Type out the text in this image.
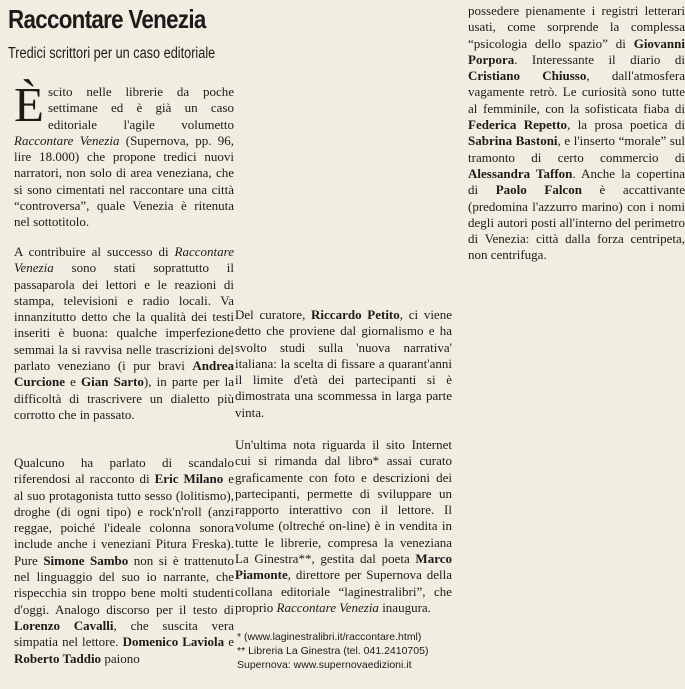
Raccontare Venezia
Tredici scrittori per un caso editoriale

Èscito nelle librerie da poche settimane ed è già un caso editoriale l'agile volumetto Raccontare Venezia (Supernova, pp. 96, lire 18.000) che propone tredici nuovi narratori, non solo di area veneziana, che si sono cimentati nel raccontare una città “controversa”, quale Venezia è ritenuta nel sottotitolo.

A contribuire al successo di Raccontare Venezia sono stati soprattutto il passaparola dei lettori e le reazioni di stampa, televisioni e radio locali. Va innanzitutto detto che la qualità dei testi inseriti è buona: qualche imperfezione semmai la si ravvisa nelle trascrizioni del parlato veneziano (i pur bravi Andrea Curcione e Gian Sarto), in parte per la difficoltà di trascrivere un dialetto più corrotto che in passato.

Qualcuno ha parlato di scandalo riferendosi al racconto di Eric Milano e al suo protagonista tutto sesso (lolitismo), droghe (di ogni tipo) e rock'n'roll (anzi reggae, poiché l'ideale colonna sonora include anche i veneziani Pitura Freska). Pure Simone Sambo non si è trattenuto nel linguaggio del suo io narrante, che rispecchia sin troppo bene molti studenti d'oggi. Analogo discorso per il testo di Lorenzo Cavalli, che suscita vera simpatia nel lettore. Domenico Laviola e Roberto Taddio paiono

possedere pienamente i registri letterari usati, come sorprende la complessa “psicologia dello spazio” di Giovanni Porpora. Interessante il diario di Cristiano Chiusso, dall'atmosfera vagamente retrò. Le curiosità sono tutte al femminile, con la sofisticata fiaba di Federica Repetto, la prosa poetica di Sabrina Bastoni, e l'inserto “morale” sul tramonto di certo commercio di Alessandra Taffon. Anche la copertina di Paolo Falcon è accattivante (predomina l'azzurro marino) con i nomi degli autori posti all'interno del perimetro di Venezia: città dalla forza centripeta, non centrifuga.

Del curatore, Riccardo Petito, ci viene detto che proviene dal giornalismo e ha svolto studi sulla 'nuova narrativa' italiana: la scelta di fissare a quarant'anni il limite d'età dei partecipanti si è dimostrata una scommessa in larga parte vinta.

Un'ultima nota riguarda il sito Internet cui si rimanda dal libro* assai curato graficamente con foto e descrizioni dei partecipanti, permette di sviluppare un rapporto interattivo con il lettore. Il volume (oltreché on-line) è in vendita in tutte le librerie, compresa la veneziana La Ginestra**, gestita dal poeta Marco Piamonte, direttore per Supernova della collana editoriale “laginestralibri”, che proprio Raccontare Venezia inaugura.

* (www.laginestralibri.it/raccontare.html)
** Libreria La Ginestra (tel. 041.2410705)
Supernova: www.supernovaedizioni.it
